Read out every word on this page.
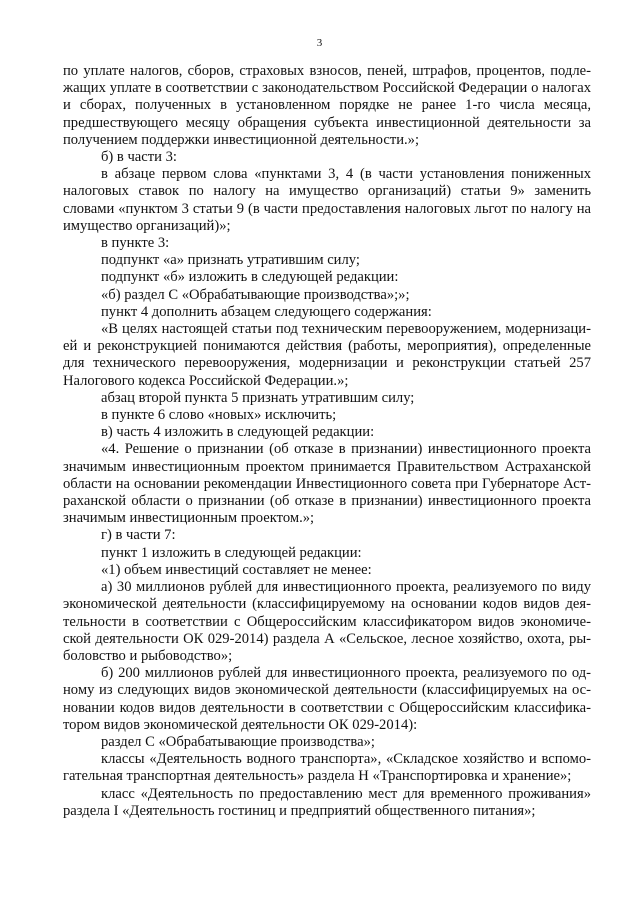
3

по уплате налогов, сборов, страховых взносов, пеней, штрафов, процентов, подлежащих уплате в соответствии с законодательством Российской Федерации о налогах и сборах, полученных в установленном порядке не ранее 1-го числа месяца, предшествующего месяцу обращения субъекта инвестиционной деятельности за получением поддержки инвестиционной деятельности.»;

б) в части 3:

в абзаце первом слова «пунктами 3, 4 (в части установления пониженных налоговых ставок по налогу на имущество организаций) статьи 9» заменить словами «пунктом 3 статьи 9 (в части предоставления налоговых льгот по налогу на имущество организаций)»;

в пункте 3:

подпункт «а» признать утратившим силу;

подпункт «б» изложить в следующей редакции:

«б) раздел С «Обрабатывающие производства»;»;

пункт 4 дополнить абзацем следующего содержания:

«В целях настоящей статьи под техническим перевооружением, модернизацией и реконструкцией понимаются действия (работы, мероприятия), определенные для технического перевооружения, модернизации и реконструкции статьей 257 Налогового кодекса Российской Федерации.»;

абзац второй пункта 5 признать утратившим силу;

в пункте 6 слово «новых» исключить;

в) часть 4 изложить в следующей редакции:

«4. Решение о признании (об отказе в признании) инвестиционного проекта значимым инвестиционным проектом принимается Правительством Астраханской области на основании рекомендации Инвестиционного совета при Губернаторе Астраханской области о признании (об отказе в признании) инвестиционного проекта значимым инвестиционным проектом.»;

г) в части 7:

пункт 1 изложить в следующей редакции:

«1) объем инвестиций составляет не менее:

а) 30 миллионов рублей для инвестиционного проекта, реализуемого по виду экономической деятельности (классифицируемому на основании кодов видов деятельности в соответствии с Общероссийским классификатором видов экономической деятельности ОК 029-2014) раздела А «Сельское, лесное хозяйство, охота, рыболовство и рыбоводство»;

б) 200 миллионов рублей для инвестиционного проекта, реализуемого по одному из следующих видов экономической деятельности (классифицируемых на основании кодов видов деятельности в соответствии с Общероссийским классификатором видов экономической деятельности ОК 029-2014):

раздел С «Обрабатывающие производства»;

классы «Деятельность водного транспорта», «Складское хозяйство и вспомогательная транспортная деятельность» раздела Н «Транспортировка и хранение»;

класс «Деятельность по предоставлению мест для временного проживания» раздела I «Деятельность гостиниц и предприятий общественного питания»;
